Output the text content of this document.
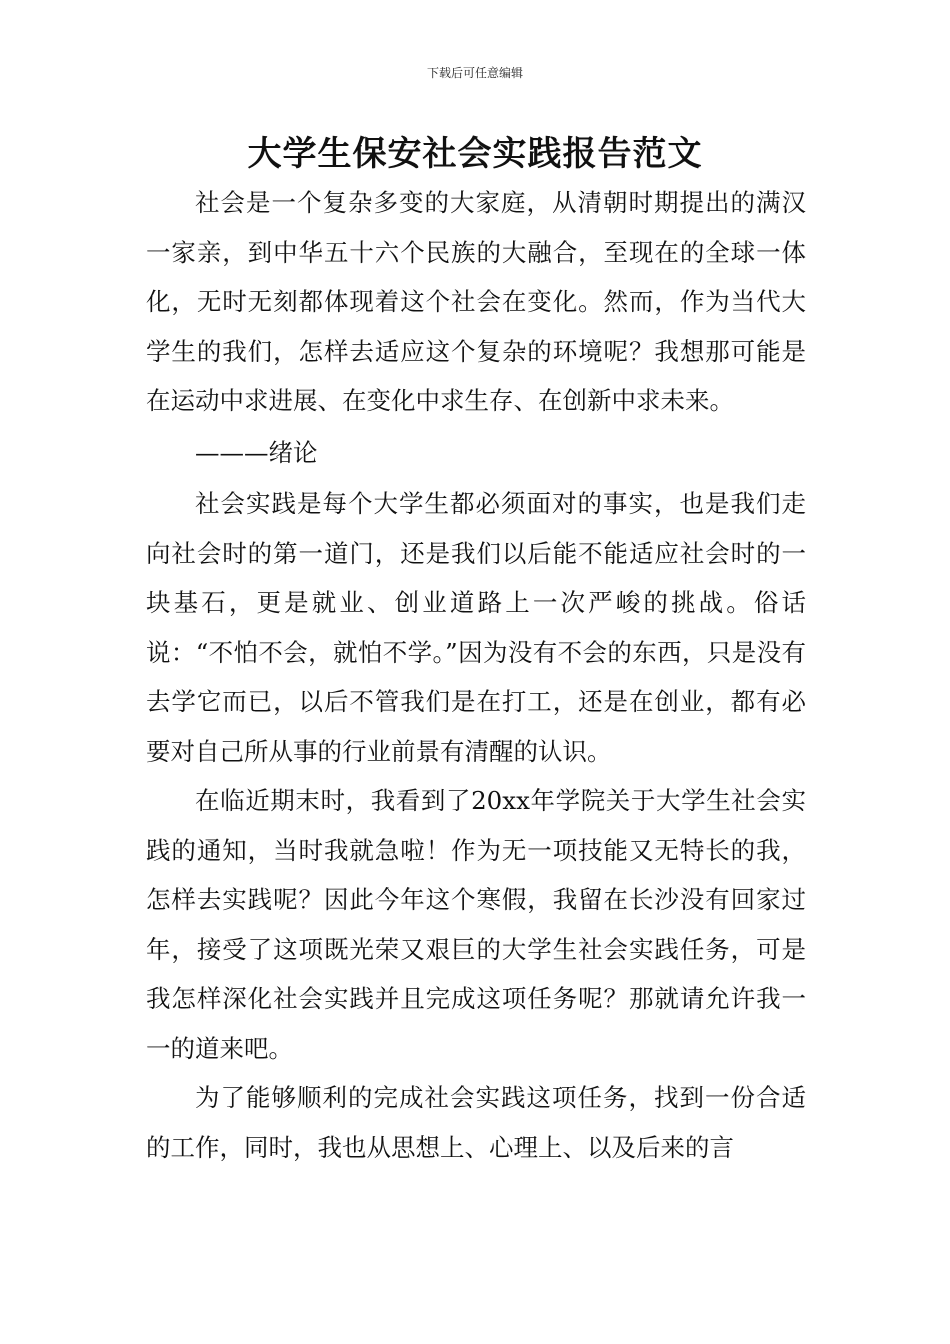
下载后可任意编辑
大学生保安社会实践报告范文

社会是一个复杂多变的大家庭，从清朝时期提出的满汉一家亲，到中华五十六个民族的大融合，至现在的全球一体化，无时无刻都体现着这个社会在变化。然而，作为当代大学生的我们，怎样去适应这个复杂的环境呢？我想那可能是在运动中求进展、在变化中求生存、在创新中求未来。

———绪论

社会实践是每个大学生都必须面对的事实，也是我们走向社会时的第一道门，还是我们以后能不能适应社会时的一块基石，更是就业、创业道路上一次严峻的挑战。俗话说：“不怕不会，就怕不学。”因为没有不会的东西，只是没有去学它而已，以后不管我们是在打工，还是在创业，都有必要对自己所从事的行业前景有清醒的认识。

在临近期末时，我看到了20xx年学院关于大学生社会实践的通知，当时我就急啦！作为无一项技能又无特长的我，怎样去实践呢？因此今年这个寒假，我留在长沙没有回家过年，接受了这项既光荣又艰巨的大学生社会实践任务，可是我怎样深化社会实践并且完成这项任务呢？那就请允许我一一的道来吧。

为了能够顺利的完成社会实践这项任务，找到一份合适的工作，同时，我也从思想上、心理上、以及后来的言
